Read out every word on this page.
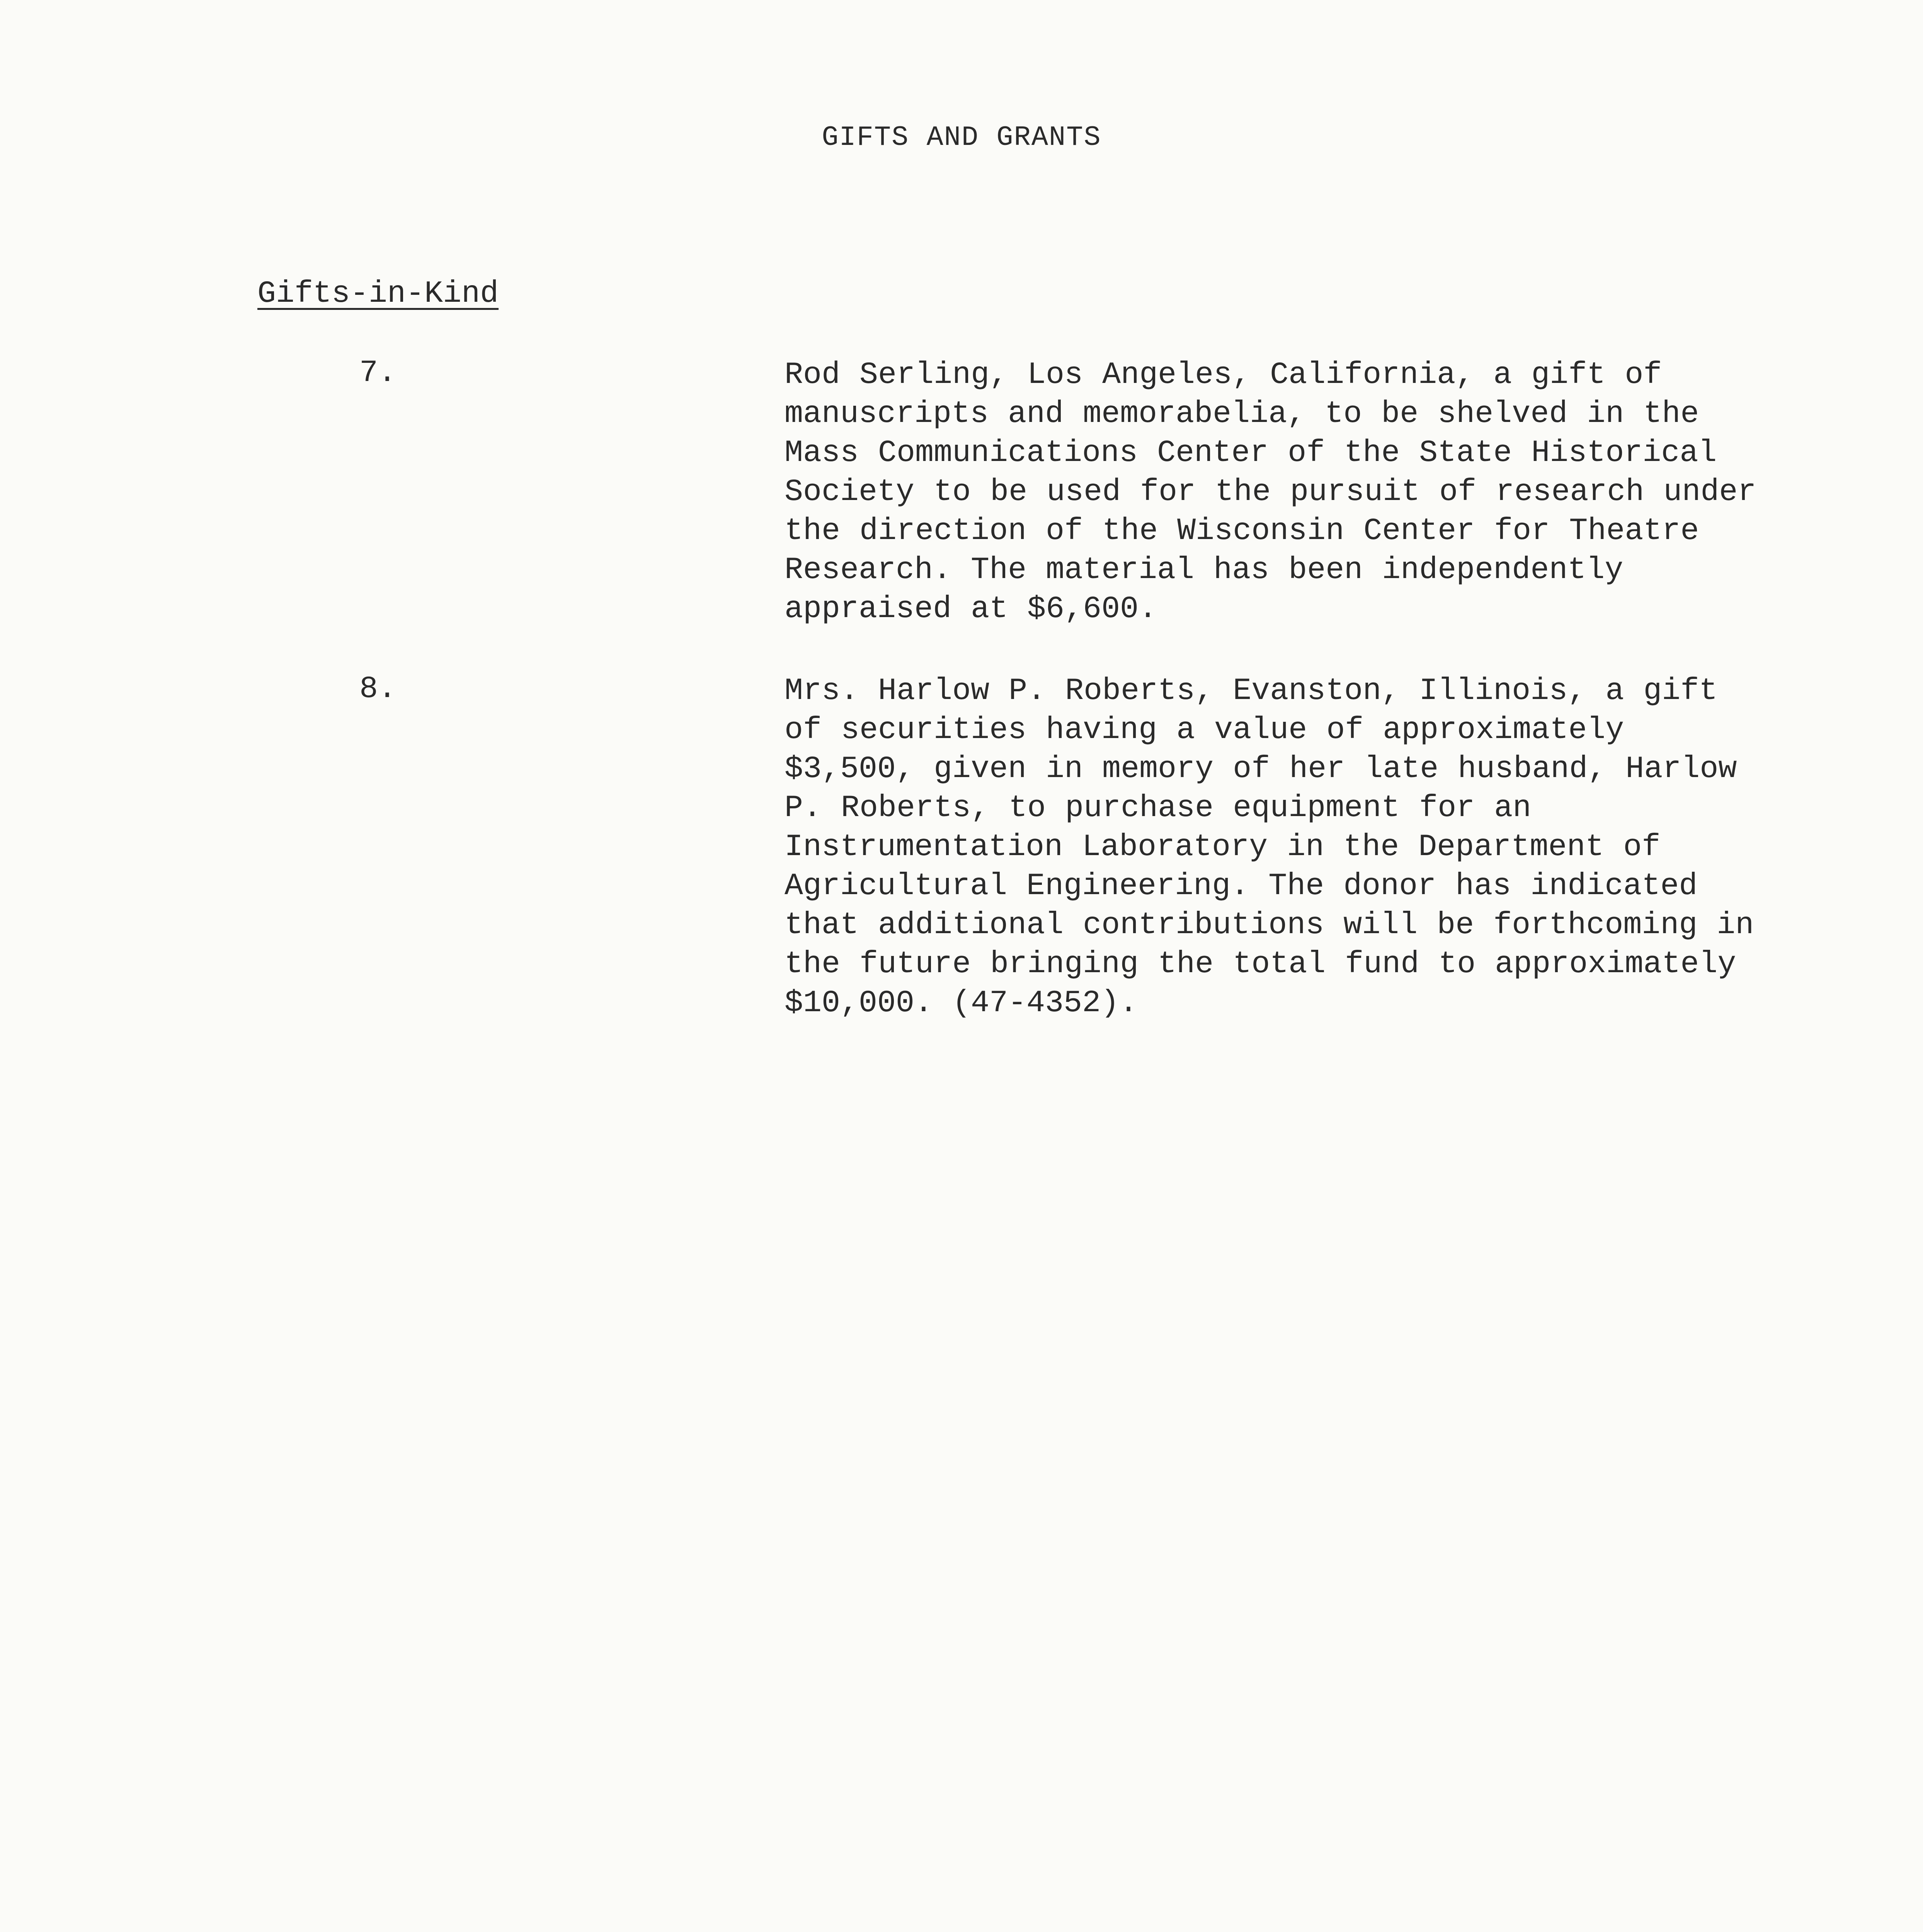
GIFTS AND GRANTS
Gifts-in-Kind
7.	Rod Serling, Los Angeles, California, a gift of
manuscripts and memorabelia, to be shelved in the
Mass Communications Center of the State Historical
Society to be used for the pursuit of research under
the direction of the Wisconsin Center for Theatre
Research. The material has been independently
appraised at $6,600.
8.	Mrs. Harlow P. Roberts, Evanston, Illinois, a gift
of securities having a value of approximately
$3,500, given in memory of her late husband, Harlow
P. Roberts, to purchase equipment for an
Instrumentation Laboratory in the Department of
Agricultural Engineering. The donor has indicated
that additional contributions will be forthcoming in
the future bringing the total fund to approximately
$10,000. (47-4352).
